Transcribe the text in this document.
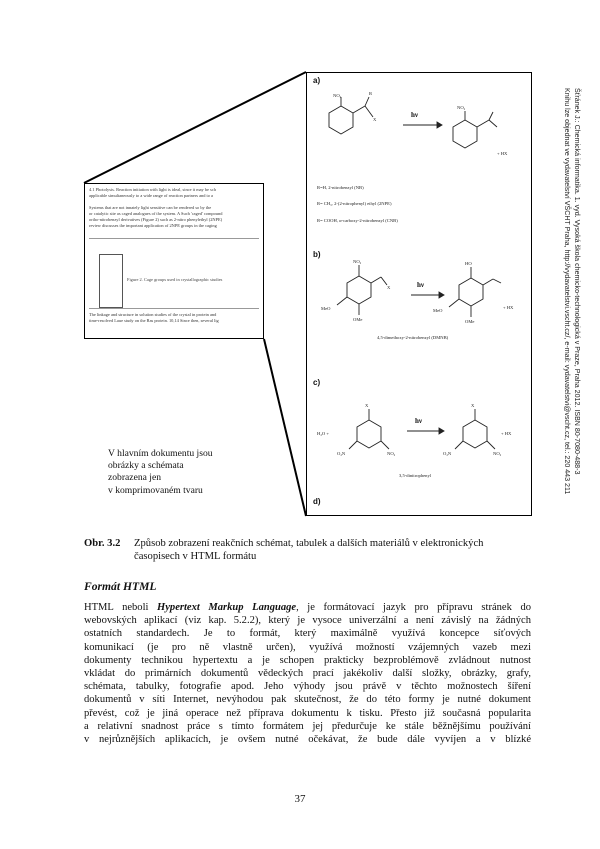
Šťránek J.: Chemická informatika. 1. vyd. Vysoká škola chemicko-technologická v Praze, Praha 2012. ISBN 80-7080-488-3
Knihu lze objednat ve vydavatelství VŠCHT Praha, http://vydavatelstvi.vscht.cz/, e-mail: vydavatelstvi@vscht.cz, tel.: 220 443 211
4.1 Photolysis. Reaction initiation with light is ideal, since it may be sch
applicable simultaneously to a wide range of reaction partners and to a

Systems that are not innately light sensitive can be rendered so by the
or catalytic site as caged analogues of the system. A Such 'caged' compound
ortho-nitrobenzyl derivatives (Figure 2) such as 2-nitro phenylethyl (2NPE)
review discusses the important application of 2NPE groups in the caging
Figure 2. Cage groups used in crystallographic studies
The linkage and structure in solution studies of the crystal in protein and
time-resolved Laue study on the Ras protein. 10,14 Since then, several lig
a)
b)
c)
d)
hν
hν
hν
NO₂	R
X
NO₂
+ HX
R=H, 2-nitrobenzyl (NB)
R= CH₃, 2-(2-nitrophenyl) ethyl (2NPE)
R= COOH, α-carboxy-2-nitrobenzyl (CNB)
NO₂
X
MeO
OMe
HO
MeO
OMe
+ HX
4,5-dimethoxy-2-nitrobenzyl (DMNB)
X
H₂O +
O₂N	NO₂
X
O₂N	NO₂
+ HX
3,5-dinitrophenyl
V hlavním dokumentu jsou
obrázky a schémata
zobrazena jen
v komprimovaném tvaru
Obr. 3.2 Způsob zobrazení reakčních schémat, tabulek a dalších materiálů v elektronických časopisech v HTML formátu
Formát HTML
HTML neboli Hypertext Markup Language, je formátovací jazyk pro přípravu stránek do
webovských aplikací (viz kap. 5.2.2), který je vysoce univerzální a není závislý na žádných
ostatních standardech. Je to formát, který maximálně využívá koncepce síťových
komunikací (je pro ně vlastně určen), využívá možností vzájemných vazeb mezi
dokumenty technikou hypertextu a je schopen prakticky bezproblémově zvládnout nutnost
vkládat do primárních dokumentů vědeckých prací jakékoliv další složky, obrázky, grafy,
schémata, tabulky, fotografie apod. Jeho výhody jsou právě v těchto možnostech šíření
dokumentů v síti Internet, nevýhodou pak skutečnost, že do této formy je nutné dokument
převést, což je jiná operace než příprava dokumentu k tisku. Přesto již současná popularita
a relativní snadnost práce s tímto formátem jej předurčuje ke stále běžnějšímu používání
v nejrůznějších aplikacích, je ovšem nutné očekávat, že bude dále vyvíjen a v blízké
37
